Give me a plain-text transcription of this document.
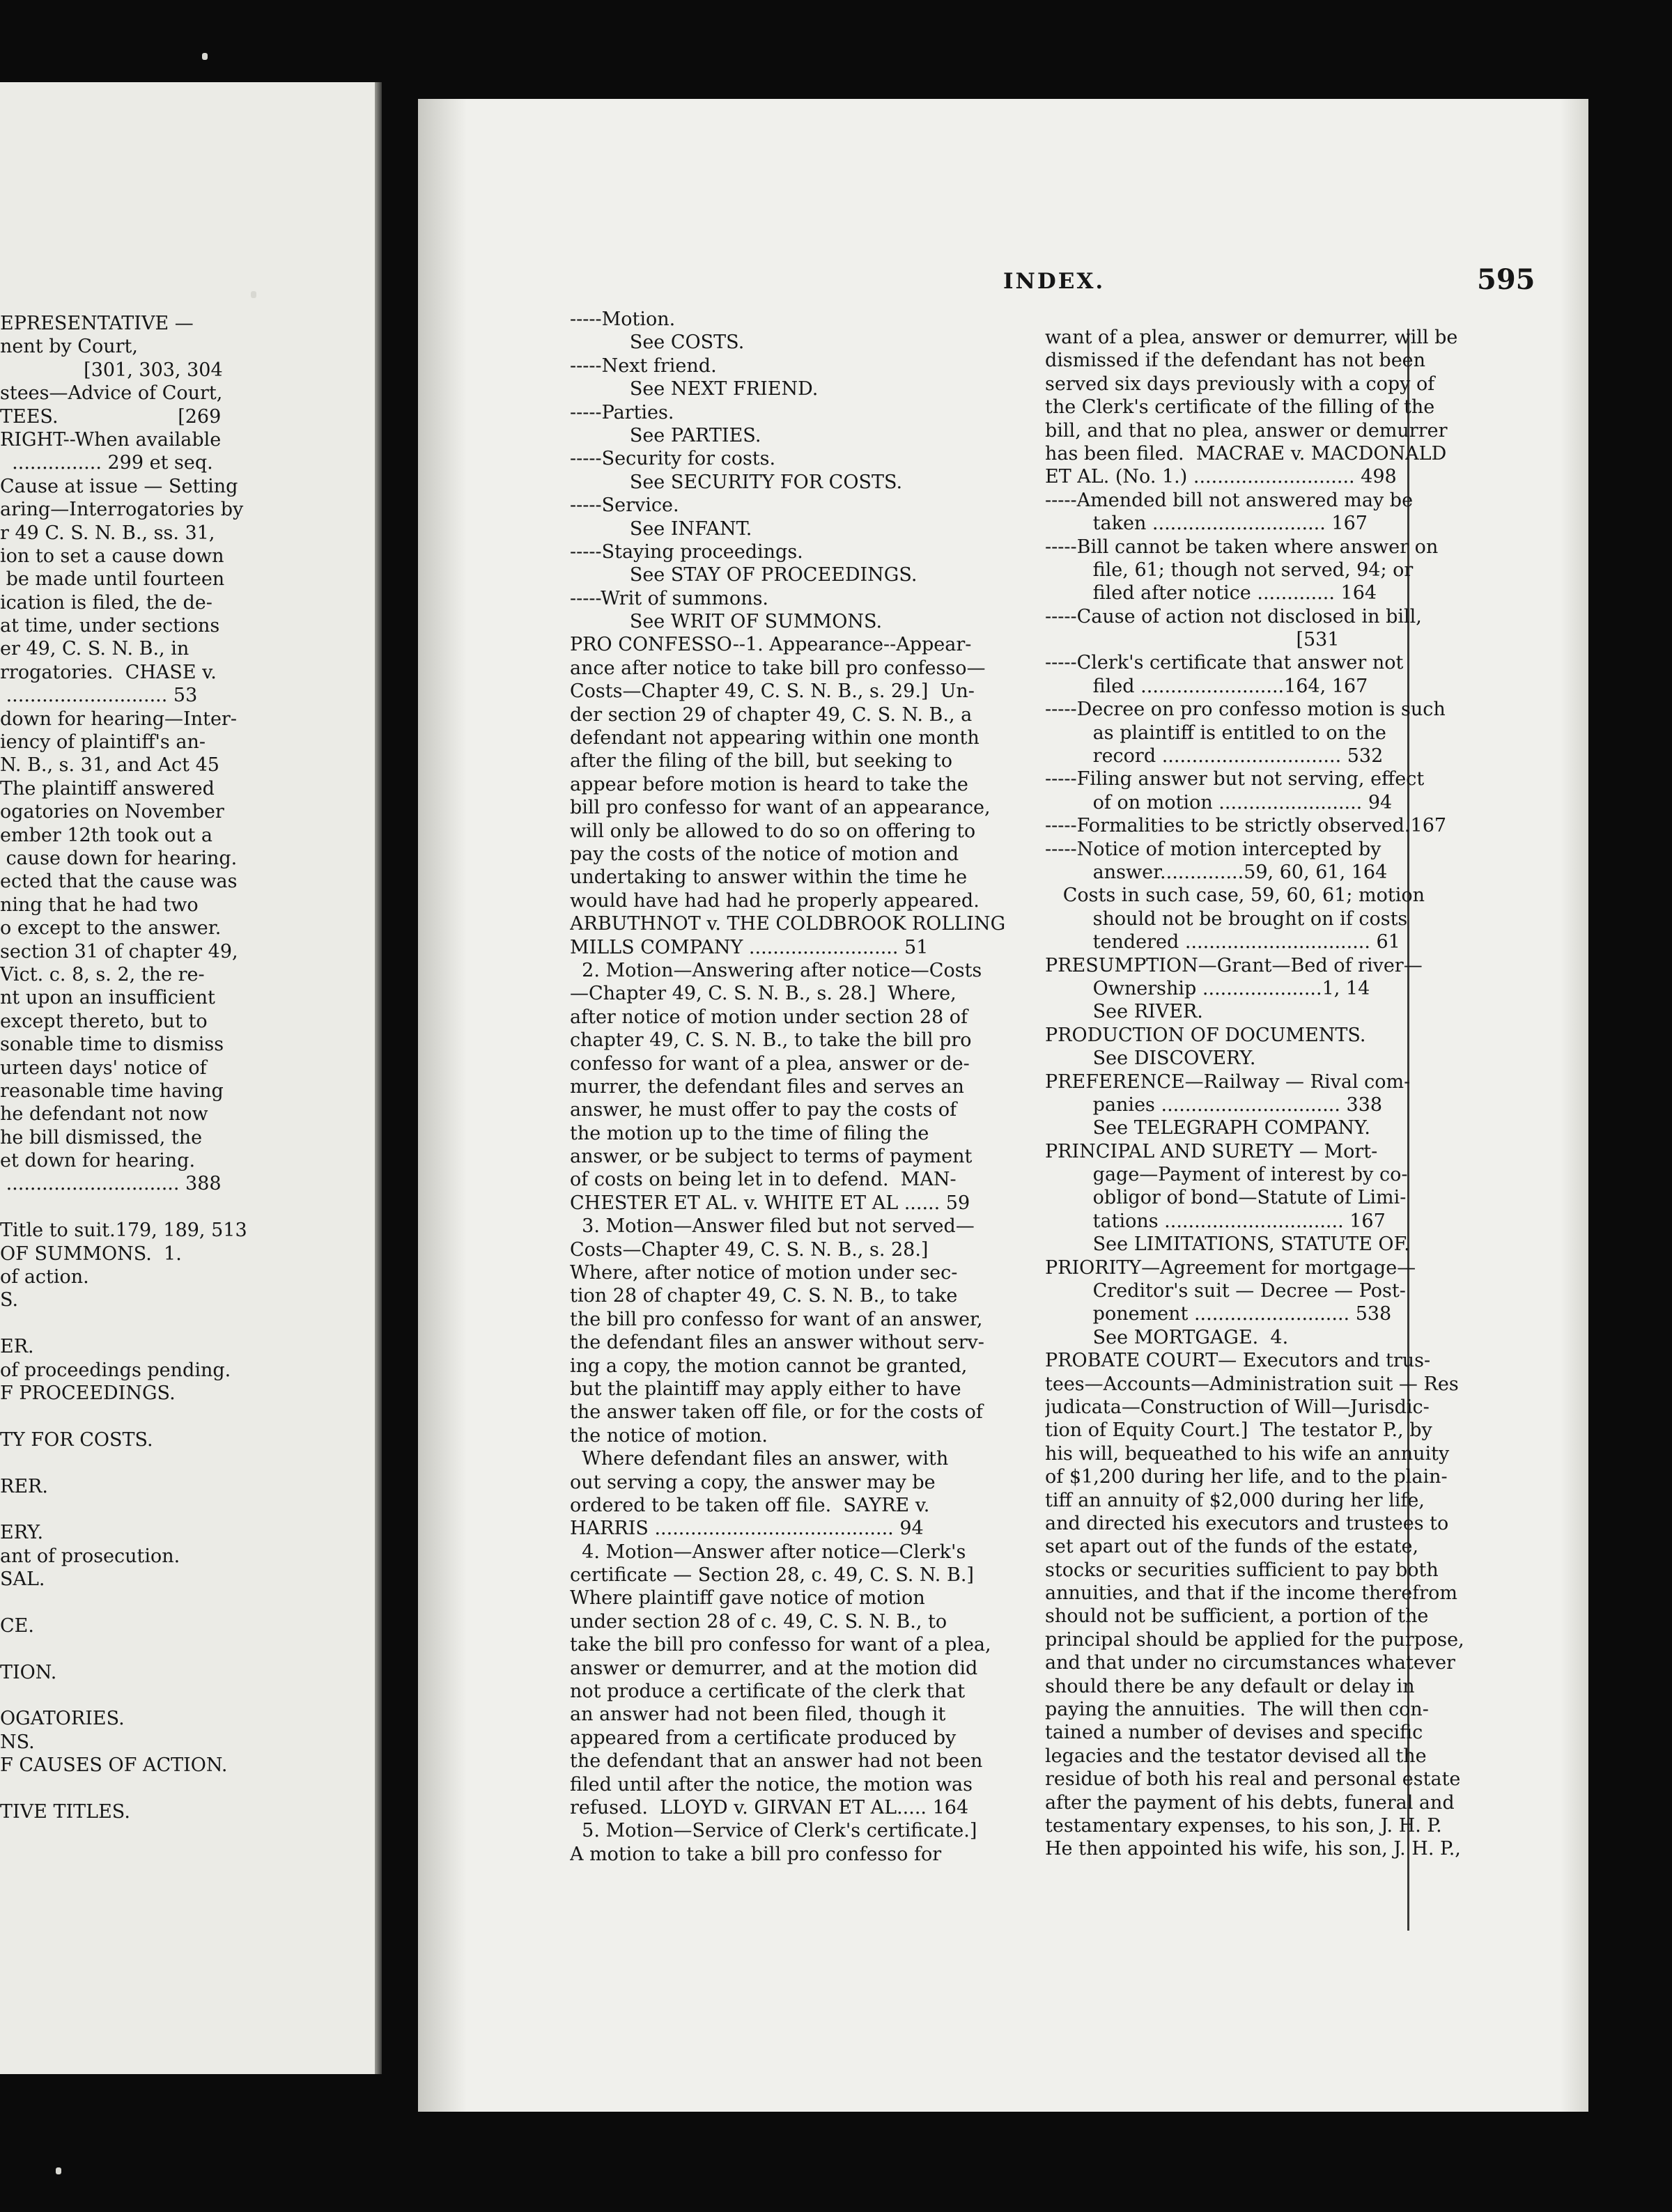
EPRESENTATIVE —
nent by Court,
[301, 303, 304
stees—Advice of Court,
TEES.                    [269
RIGHT--When available
............... 299 et seq.
Cause at issue — Setting
aring—Interrogatories by
r 49 C. S. N. B., ss. 31,
ion to set a cause down
be made until fourteen
ication is filed, the de-
at time, under sections
er 49, C. S. N. B., in
rrogatories.  CHASE v.
........................... 53
down for hearing—Inter-
iency of plaintiff's an-
N. B., s. 31, and Act 45
The plaintiff answered
ogatories on November
ember 12th took out a
cause down for hearing.
ected that the cause was
ning that he had two
o except to the answer.
section 31 of chapter 49,
Vict. c. 8, s. 2, the re-
nt upon an insufficient
except thereto, but to
sonable time to dismiss
urteen days' notice of
reasonable time having
he defendant not now
he bill dismissed, the
et down for hearing.
............................. 388
Title to suit.179, 189, 513
OF SUMMONS.  1.
of action.
S.
ER.
of proceedings pending.
F PROCEEDINGS.
TY FOR COSTS.
RER.
ERY.
ant of prosecution.
SAL.
CE.
TION.
OGATORIES.
NS.
F CAUSES OF ACTION.
TIVE TITLES.
INDEX.	595
-----Motion.
See COSTS.
-----Next friend.
See NEXT FRIEND.
-----Parties.
See PARTIES.
-----Security for costs.
See SECURITY FOR COSTS.
-----Service.
See INFANT.
-----Staying proceedings.
See STAY OF PROCEEDINGS.
-----Writ of summons.
See WRIT OF SUMMONS.
PRO CONFESSO--1. Appearance--Appear-
ance after notice to take bill pro confesso—
Costs—Chapter 49, C. S. N. B., s. 29.]  Un-
der section 29 of chapter 49, C. S. N. B., a
defendant not appearing within one month
after the filing of the bill, but seeking to
appear before motion is heard to take the
bill pro confesso for want of an appearance,
will only be allowed to do so on offering to
pay the costs of the notice of motion and
undertaking to answer within the time he
would have had had he properly appeared.
ARBUTHNOT v. THE COLDBROOK ROLLING
MILLS COMPANY ......................... 51
2. Motion—Answering after notice—Costs
—Chapter 49, C. S. N. B., s. 28.]  Where,
after notice of motion under section 28 of
chapter 49, C. S. N. B., to take the bill pro
confesso for want of a plea, answer or de-
murrer, the defendant files and serves an
answer, he must offer to pay the costs of
the motion up to the time of filing the
answer, or be subject to terms of payment
of costs on being let in to defend.  MAN-
CHESTER ET AL. v. WHITE ET AL ...... 59
3. Motion—Answer filed but not served—
Costs—Chapter 49, C. S. N. B., s. 28.]
Where, after notice of motion under sec-
tion 28 of chapter 49, C. S. N. B., to take
the bill pro confesso for want of an answer,
the defendant files an answer without serv-
ing a copy, the motion cannot be granted,
but the plaintiff may apply either to have
the answer taken off file, or for the costs of
the notice of motion.
Where defendant files an answer, with
out serving a copy, the answer may be
ordered to be taken off file.  SAYRE v.
HARRIS ........................................ 94
4. Motion—Answer after notice—Clerk's
certificate — Section 28, c. 49, C. S. N. B.]
Where plaintiff gave notice of motion
under section 28 of c. 49, C. S. N. B., to
take the bill pro confesso for want of a plea,
answer or demurrer, and at the motion did
not produce a certificate of the clerk that
an answer had not been filed, though it
appeared from a certificate produced by
the defendant that an answer had not been
filed until after the notice, the motion was
refused.  LLOYD v. GIRVAN ET AL..... 164
5. Motion—Service of Clerk's certificate.]
A motion to take a bill pro confesso for
want of a plea, answer or demurrer, will be
dismissed if the defendant has not been
served six days previously with a copy of
the Clerk's certificate of the filling of the
bill, and that no plea, answer or demurrer
has been filed.  MACRAE v. MACDONALD
ET AL. (No. 1.) ........................... 498
-----Amended bill not answered may be
taken ............................. 167
-----Bill cannot be taken where answer on
file, 61; though not served, 94; or
filed after notice ............. 164
-----Cause of action not disclosed in bill,
[531
-----Clerk's certificate that answer not
filed ........................164, 167
-----Decree on pro confesso motion is such
as plaintiff is entitled to on the
record .............................. 532
-----Filing answer but not serving, effect
of on motion ........................ 94
-----Formalities to be strictly observed.167
-----Notice of motion intercepted by
answer..............59, 60, 61, 164
Costs in such case, 59, 60, 61; motion
should not be brought on if costs
tendered ............................... 61
PRESUMPTION—Grant—Bed of river—
Ownership ....................1, 14
See RIVER.
PRODUCTION OF DOCUMENTS.
See DISCOVERY.
PREFERENCE—Railway — Rival com-
panies .............................. 338
See TELEGRAPH COMPANY.
PRINCIPAL AND SURETY — Mort-
gage—Payment of interest by co-
obligor of bond—Statute of Limi-
tations .............................. 167
See LIMITATIONS, STATUTE OF.
PRIORITY—Agreement for mortgage—
Creditor's suit — Decree — Post-
ponement .......................... 538
See MORTGAGE.  4.
PROBATE COURT— Executors and trus-
tees—Accounts—Administration suit — Res
judicata—Construction of Will—Jurisdic-
tion of Equity Court.]  The testator P., by
his will, bequeathed to his wife an annuity
of $1,200 during her life, and to the plain-
tiff an annuity of $2,000 during her life,
and directed his executors and trustees to
set apart out of the funds of the estate,
stocks or securities sufficient to pay both
annuities, and that if the income therefrom
should not be sufficient, a portion of the
principal should be applied for the purpose,
and that under no circumstances whatever
should there be any default or delay in
paying the annuities.  The will then con-
tained a number of devises and specific
legacies and the testator devised all the
residue of both his real and personal estate
after the payment of his debts, funeral and
testamentary expenses, to his son, J. H. P.
He then appointed his wife, his son, J. H. P.,
